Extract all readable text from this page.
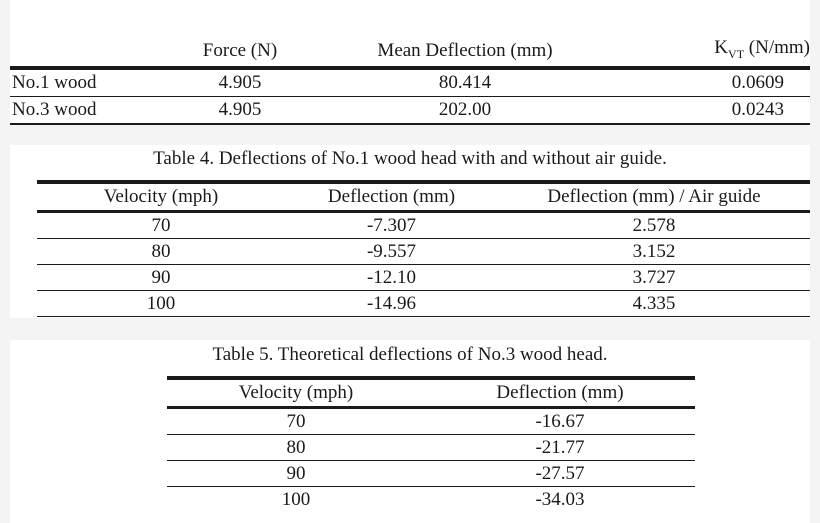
	Force (N)	Mean Deflection (mm)	$K_{VT}$ (N/mm)
No.1 wood	4.905	80.414	0.0609
No.3 wood	4.905	202.00	0.0243
Table 4. Deflections of No.1 wood head with and without air guide.
Velocity (mph)	Deflection (mm)	Deflection (mm) / Air guide
70	-7.307	2.578
80	-9.557	3.152
90	-12.10	3.727
100	-14.96	4.335
Table 5. Theoretical deflections of No.3 wood head.
Velocity (mph)	Deflection (mm)
70	-16.67
80	-21.77
90	-27.57
100	-34.03
